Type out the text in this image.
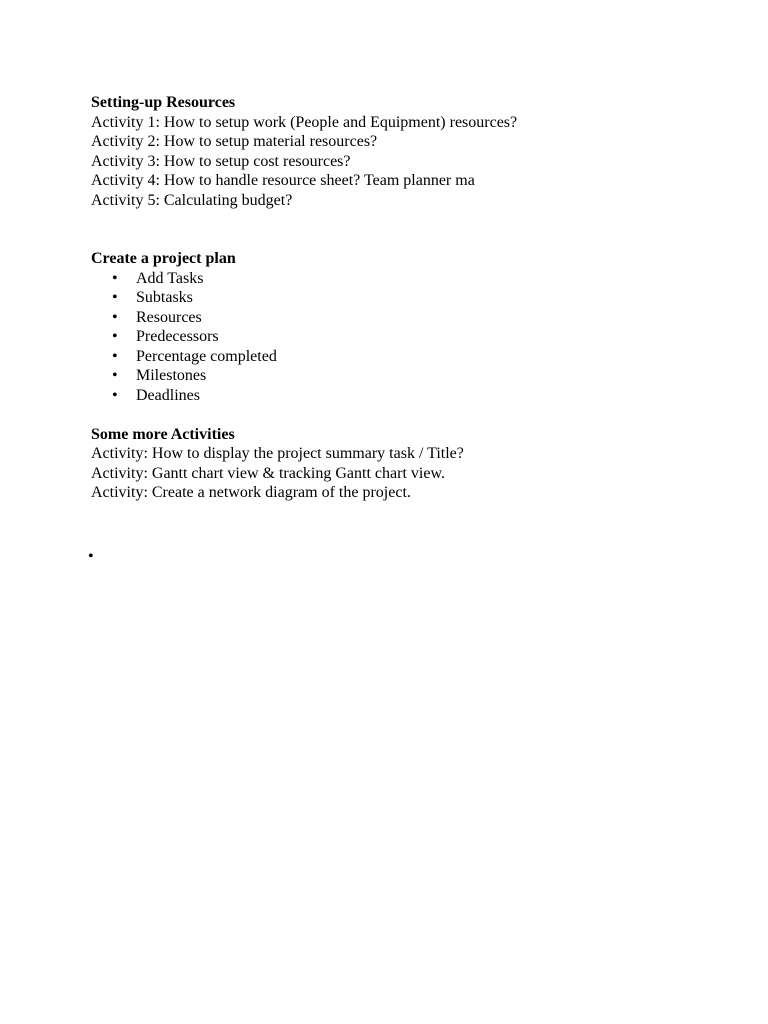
Setting-up Resources

Activity 1: How to setup work (People and Equipment) resources?

Activity 2: How to setup material resources?

Activity 3: How to setup cost resources?

Activity 4: How to handle resource sheet? Team planner ma

Activity 5: Calculating budget?

Create a project plan

• Add Tasks
• Subtasks
• Resources
• Predecessors
• Percentage completed
• Milestones
• Deadlines

Some more Activities

Activity: How to display the project summary task / Title?

Activity: Gantt chart view & tracking Gantt chart view.

Activity: Create a network diagram of the project.

•
